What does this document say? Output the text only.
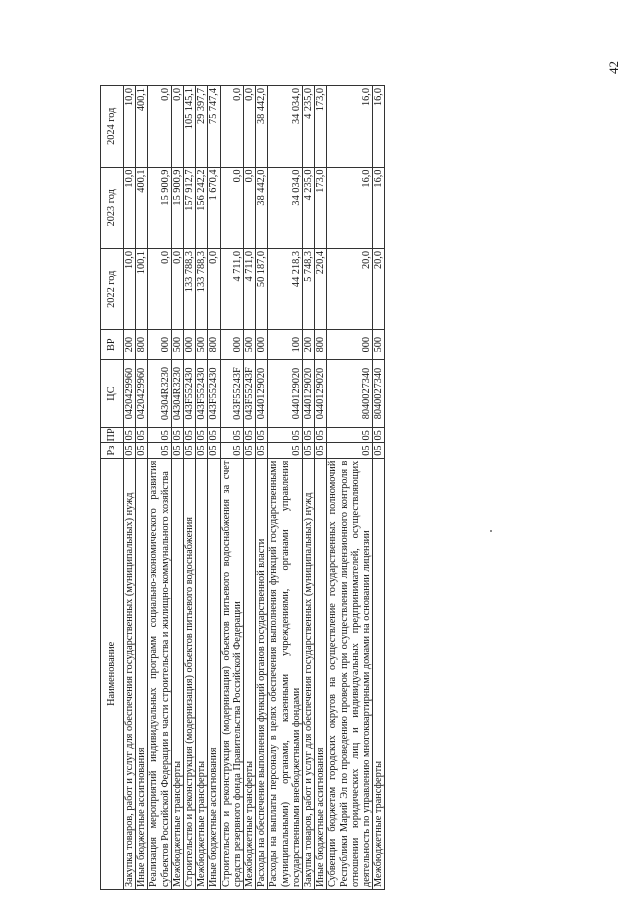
42
Наименование	Рз	ПР	ЦС	ВР	2022 год	2023 год	2024 год
Закупка товаров, работ и услуг для обеспечения государственных (муниципальных) нужд	05	05	0420429960	200	10,0	10,0	10,0
Иные бюджетные ассигнования	05	05	0420429960	800	100,1	400,1	400,1
Реализация мероприятий индивидуальных программ социально-экономического развития субъектов Российской Федерации в части строительства и жилищно-коммунального хозяйства	05	05	04304R3230	000	0,0	15 900,9	0,0
Межбюджетные трансферты	05	05	04304R3230	500	0,0	15 900,9	0,0
Строительство и реконструкция (модернизация) объектов питьевого водоснабжения	05	05	043F552430	000	133 788,3	157 912,7	105 145,1
Межбюджетные трансферты	05	05	043F552430	500	133 788,3	156 242,2	29 397,7
Иные бюджетные ассигнования	05	05	043F552430	800	0,0	1 670,4	75 747,4
Строительство и реконструкция (модернизация) объектов питьевого водоснабжения за счет средств резервного фонда Правительства Российской Федерации	05	05	043F55243F	000	4 711,0	0,0	0,0
Межбюджетные трансферты	05	05	043F55243F	500	4 711,0	0,0	0,0
Расходы на обеспечение выполнения функций органов государственной власти	05	05	0440129020	000	50 187,0	38 442,0	38 442,0
Расходы на выплаты персоналу в целях обеспечения выполнения функций государственными (муниципальными) органами, казенными учреждениями, органами управления государственными внебюджетными фондами	05	05	0440129020	100	44 218,3	34 034,0	34 034,0
Закупка товаров, работ и услуг для обеспечения государственных (муниципальных) нужд	05	05	0440129020	200	5 748,3	4 235,0	4 235,0
Иные бюджетные ассигнования	05	05	0440129020	800	220,4	173,0	173,0
Субвенции бюджетам городских округов на осуществление государственных полномочий Республики Марий Эл по проведению проверок при осуществлении лицензионного контроля в отношении юридических лиц и индивидуальных предпринимателей, осуществляющих деятельность по управлению многоквартирными домами на основании лицензии	05	05	8040027340	000	20,0	16,0	16,0
Межбюджетные трансферты	05	05	8040027340	500	20,0	16,0	16,0
